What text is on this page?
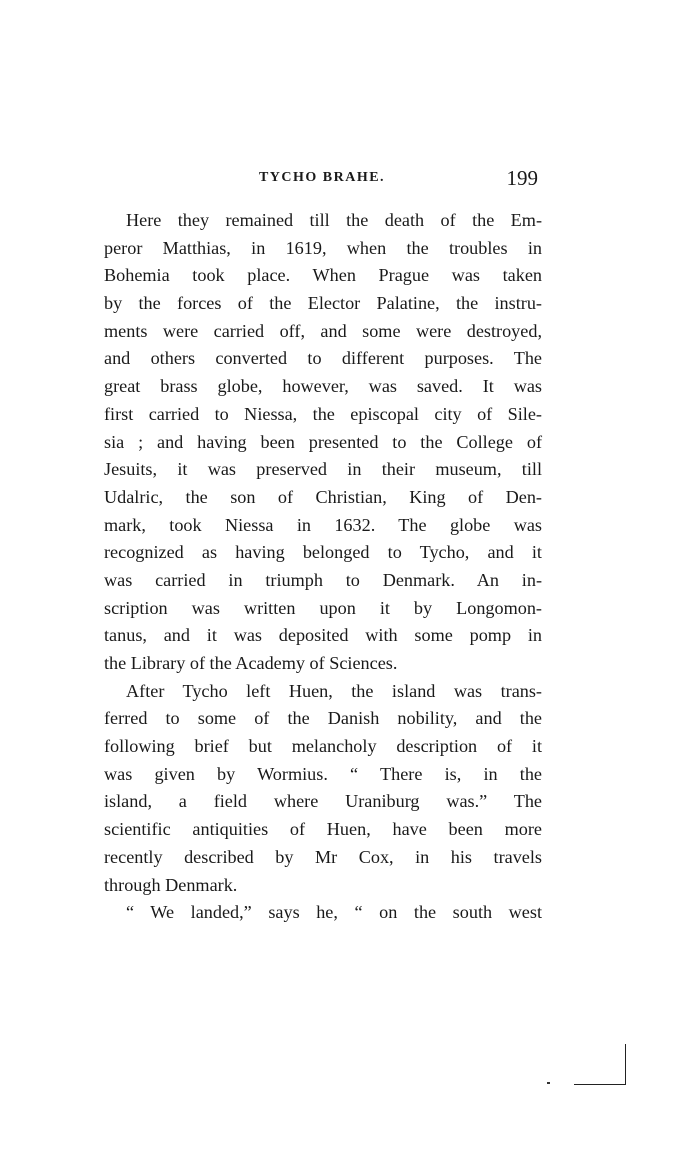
TYCHO BRAHE.	199
Here they remained till the death of the Em-
peror Matthias, in 1619, when the troubles in
Bohemia took place. When Prague was taken
by the forces of the Elector Palatine, the instru-
ments were carried off, and some were destroyed,
and others converted to different purposes. The
great brass globe, however, was saved. It was
first carried to Niessa, the episcopal city of Sile-
sia ; and having been presented to the College of
Jesuits, it was preserved in their museum, till
Udalric, the son of Christian, King of Den-
mark, took Niessa in 1632. The globe was
recognized as having belonged to Tycho, and it
was carried in triumph to Denmark. An in-
scription was written upon it by Longomon-
tanus, and it was deposited with some pomp in
the Library of the Academy of Sciences.
After Tycho left Huen, the island was trans-
ferred to some of the Danish nobility, and the
following brief but melancholy description of it
was given by Wormius. “ There is, in the
island, a field where Uraniburg was.” The
scientific antiquities of Huen, have been more
recently described by Mr Cox, in his travels
through Denmark.
“ We landed,” says he, “ on the south west
